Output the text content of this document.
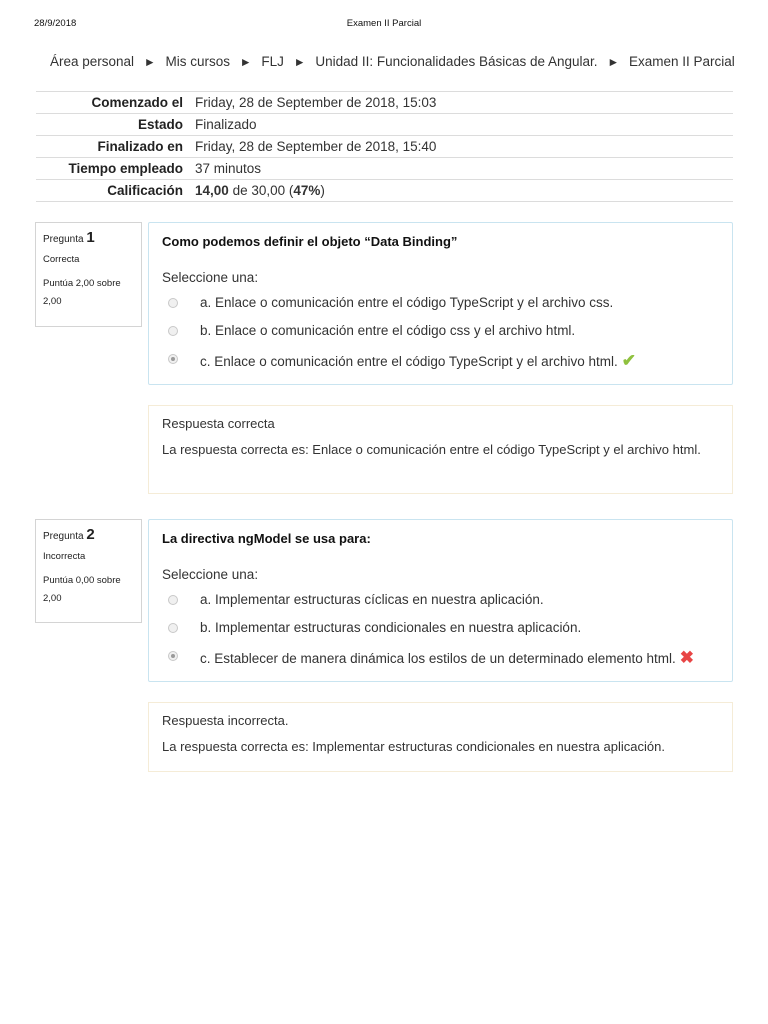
28/9/2018	Examen II Parcial
Área personal ► Mis cursos ► FLJ ► Unidad II: Funcionalidades Básicas de Angular. ► Examen II Parcial
Comenzado el	Friday, 28 de September de 2018, 15:03
Estado	Finalizado
Finalizado en	Friday, 28 de September de 2018, 15:40
Tiempo empleado	37 minutos
Calificación	14,00 de 30,00 (47%)
Pregunta 1
Correcta
Puntúa 2,00 sobre 2,00
Como podemos definir el objeto “Data Binding”
Seleccione una:
a. Enlace o comunicación entre el código TypeScript y el archivo css.
b. Enlace o comunicación entre el código css y el archivo html.
c. Enlace o comunicación entre el código TypeScript y el archivo html. ✔
Respuesta correcta
La respuesta correcta es: Enlace o comunicación entre el código TypeScript y el archivo html.
Pregunta 2
Incorrecta
Puntúa 0,00 sobre 2,00
La directiva ngModel se usa para:
Seleccione una:
a. Implementar estructuras cíclicas en nuestra aplicación.
b. Implementar estructuras condicionales en nuestra aplicación.
c. Establecer de manera dinámica los estilos de un determinado elemento html. ✖
Respuesta incorrecta.
La respuesta correcta es: Implementar estructuras condicionales en nuestra aplicación.
